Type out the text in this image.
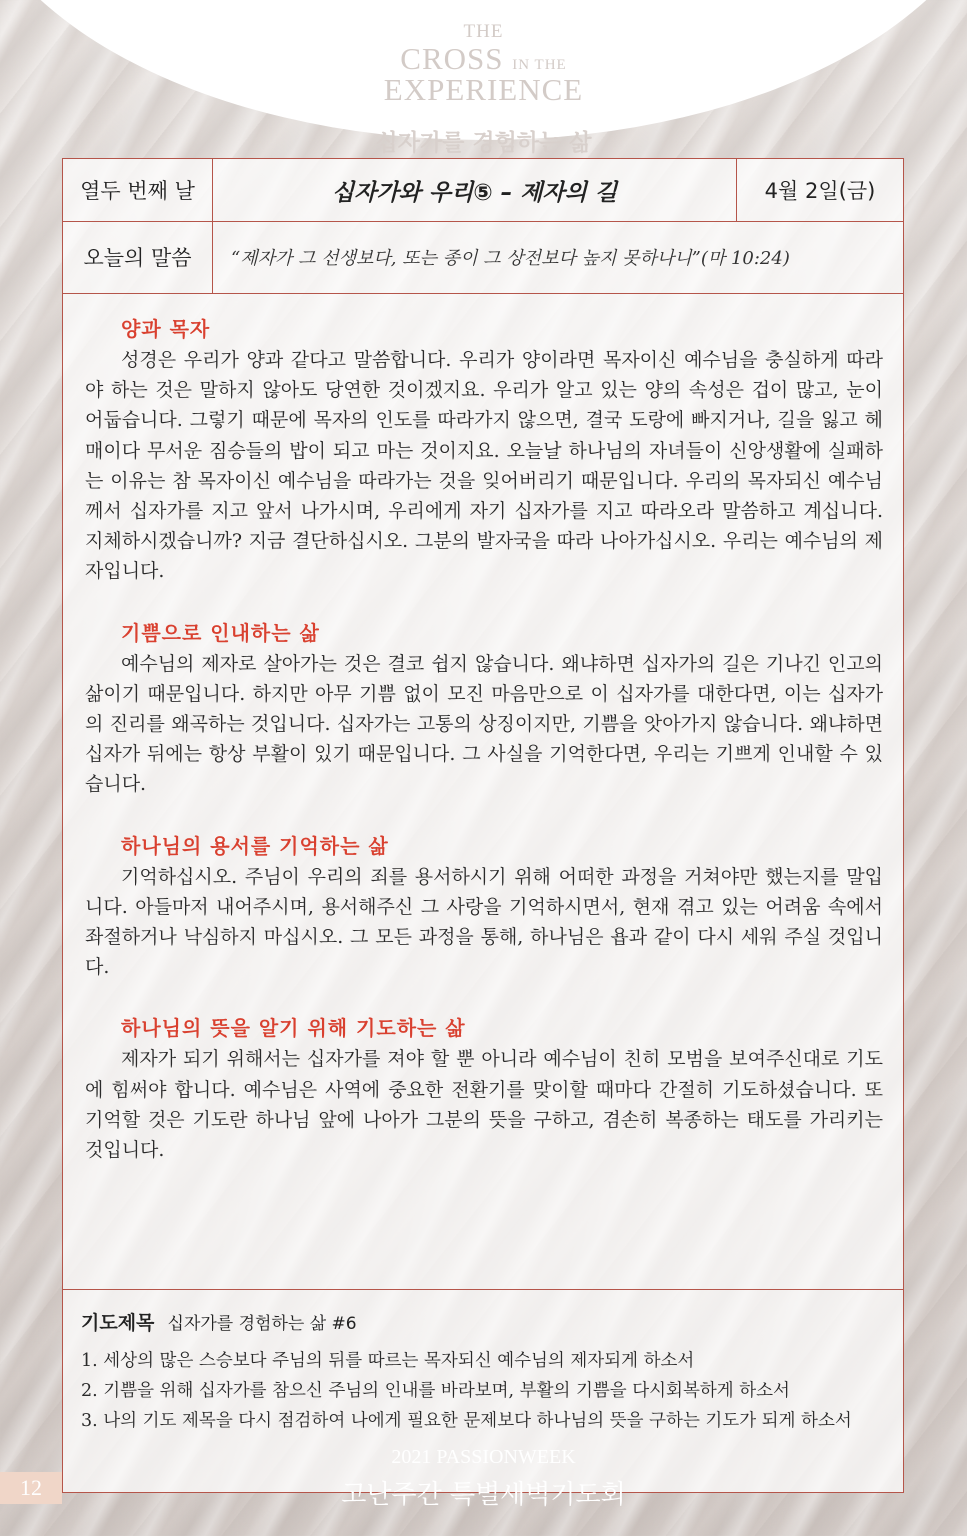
THE
CROSS IN THE
EXPERIENCE
십자가를 경험하는 삶
열두 번째 날	십자가와 우리⑤ – 제자의 길	4월 2일(금)
오늘의 말씀	“제자가 그 선생보다, 또는 종이 그 상전보다 높지 못하나니”(마 10:24)
양과 목자

성경은 우리가 양과 같다고 말씀합니다. 우리가 양이라면 목자이신 예수님을 충실하게 따라야 하는 것은 말하지 않아도 당연한 것이겠지요. 우리가 알고 있는 양의 속성은 겁이 많고, 눈이 어둡습니다. 그렇기 때문에 목자의 인도를 따라가지 않으면, 결국 도랑에 빠지거나, 길을 잃고 헤매이다 무서운 짐승들의 밥이 되고 마는 것이지요. 오늘날 하나님의 자녀들이 신앙생활에 실패하는 이유는 참 목자이신 예수님을 따라가는 것을 잊어버리기 때문입니다. 우리의 목자되신 예수님께서 십자가를 지고 앞서 나가시며, 우리에게 자기 십자가를 지고 따라오라 말씀하고 계십니다. 지체하시겠습니까? 지금 결단하십시오. 그분의 발자국을 따라 나아가십시오. 우리는 예수님의 제자입니다.

기쁨으로 인내하는 삶

예수님의 제자로 살아가는 것은 결코 쉽지 않습니다. 왜냐하면 십자가의 길은 기나긴 인고의 삶이기 때문입니다. 하지만 아무 기쁨 없이 모진 마음만으로 이 십자가를 대한다면, 이는 십자가의 진리를 왜곡하는 것입니다. 십자가는 고통의 상징이지만, 기쁨을 앗아가지 않습니다. 왜냐하면 십자가 뒤에는 항상 부활이 있기 때문입니다. 그 사실을 기억한다면, 우리는 기쁘게 인내할 수 있습니다.

하나님의 용서를 기억하는 삶

기억하십시오. 주님이 우리의 죄를 용서하시기 위해 어떠한 과정을 거쳐야만 했는지를 말입니다. 아들마저 내어주시며, 용서해주신 그 사랑을 기억하시면서, 현재 겪고 있는 어려움 속에서 좌절하거나 낙심하지 마십시오. 그 모든 과정을 통해, 하나님은 욥과 같이 다시 세워 주실 것입니다.

하나님의 뜻을 알기 위해 기도하는 삶

제자가 되기 위해서는 십자가를 져야 할 뿐 아니라 예수님이 친히 모범을 보여주신대로 기도에 힘써야 합니다. 예수님은 사역에 중요한 전환기를 맞이할 때마다 간절히 기도하셨습니다. 또 기억할 것은 기도란 하나님 앞에 나아가 그분의 뜻을 구하고, 겸손히 복종하는 태도를 가리키는 것입니다.

기도제목 십자가를 경험하는 삶 #6
1. 세상의 많은 스승보다 주님의 뒤를 따르는 목자되신 예수님의 제자되게 하소서
2. 기쁨을 위해 십자가를 참으신 주님의 인내를 바라보며, 부활의 기쁨을 다시회복하게 하소서
3. 나의 기도 제목을 다시 점검하여 나에게 필요한 문제보다 하나님의 뜻을 구하는 기도가 되게 하소서
2021 PASSIONWEEK
고난주간 특별새벽기도회
12
